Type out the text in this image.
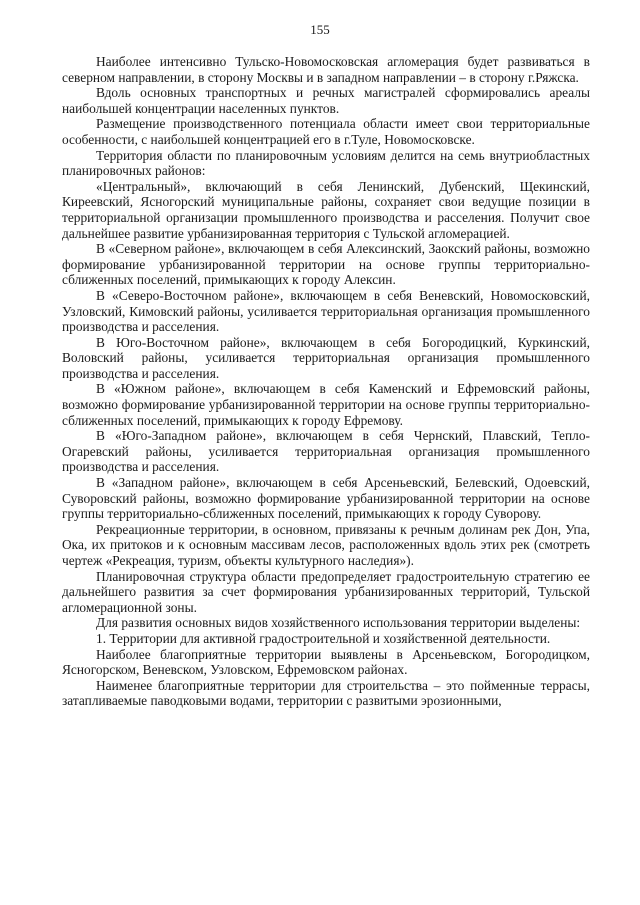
155

Наиболее интенсивно Тульско-Новомосковская агломерация будет развиваться в северном направлении, в сторону Москвы и в западном направлении – в сторону г.Ряжска.

Вдоль основных транспортных и речных магистралей сформировались ареалы наибольшей концентрации населенных пунктов.

Размещение производственного потенциала области имеет свои территориальные особенности, с наибольшей концентрацией его в г.Туле, Новомосковске.

Территория области по планировочным условиям делится на семь внутриобластных планировочных районов:

«Центральный», включающий в себя Ленинский, Дубенский, Щекинский, Киреевский, Ясногорский муниципальные районы, сохраняет свои ведущие позиции в территориальной организации промышленного производства и расселения. Получит свое дальнейшее развитие урбанизированная территория с Тульской агломерацией.

В «Северном районе», включающем в себя Алексинский, Заокский районы, возможно формирование урбанизированной территории на основе группы территориально-сближенных поселений, примыкающих к городу Алексин.

В «Северо-Восточном районе», включающем в себя Веневский, Новомосковский, Узловский, Кимовский районы, усиливается территориальная организация промышленного производства и расселения.

В Юго-Восточном районе», включающем в себя Богородицкий, Куркинский, Воловский районы, усиливается территориальная организация промышленного производства и расселения.

В «Южном районе», включающем в себя Каменский и Ефремовский районы, возможно формирование урбанизированной территории на основе группы территориально-сближенных поселений, примыкающих к городу Ефремову.

В «Юго-Западном районе», включающем в себя Чернский, Плавский, Тепло-Огаревский районы, усиливается территориальная организация промышленного производства и расселения.

В «Западном районе», включающем в себя Арсеньевский, Белевский, Одоевский, Суворовский районы, возможно формирование урбанизированной территории на основе группы территориально-сближенных поселений, примыкающих к городу Суворову.

Рекреационные территории, в основном, привязаны к речным долинам рек Дон, Упа, Ока, их притоков и к основным массивам лесов, расположенных вдоль этих рек (смотреть чертеж «Рекреация, туризм, объекты культурного наследия»).

Планировочная структура области предопределяет градостроительную стратегию ее дальнейшего развития за счет формирования урбанизированных территорий, Тульской агломерационной зоны.

Для развития основных видов хозяйственного использования территории выделены:

1. Территории для активной градостроительной и хозяйственной деятельности.

Наиболее благоприятные территории выявлены в Арсеньевском, Богородицком, Ясногорском, Веневском, Узловском, Ефремовском районах.

Наименее благоприятные территории для строительства – это пойменные террасы, затапливаемые паводковыми водами, территории с развитыми эрозионными,
